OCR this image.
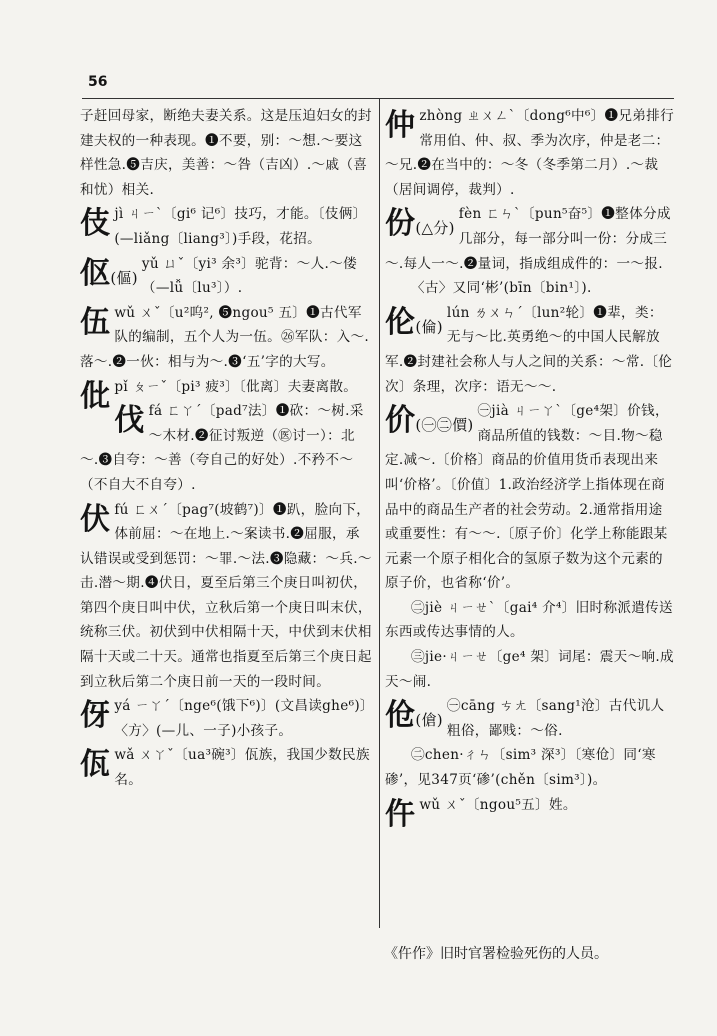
56
子赶回母家，断绝夫妻关系。这是压迫妇女的封建夫权的一种表现。❶不要，别：～想.～要这样性急.❺吉庆，美善：～咎（吉凶）.～戚（喜和忧）相关.
伎jì ㄐㄧˋ〔gi⁶ 记⁶〕技巧，才能。〔伎俩〕(—liǎng〔liang³〕)手段，花招。
伛(傴)
yǔ ㄩˇ〔yi³ 余³〕驼背：～人.～偻（—lǚ〔lu³〕）.
伍wǔ ㄨˇ〔u²呜², ❺ngou⁵ 五〕❶古代军队的编制，五个人为一伍。㉖军队：入～.落～.❷一伙：相与为～.❸‘五’字的大写。
仳pǐ ㄆㄧˇ〔pi³ 疲³〕〔仳离〕夫妻离散。
伐fá ㄈㄚˊ〔pad⁷法〕❶砍：～树.采～木材.❷征讨叛逆（㊩讨一）：北～.❸自夸：～善（夸自己的好处）.不矜不～（不自大不自夸）.
伏fú ㄈㄨˊ〔pag⁷(坡鹤⁷)〕❶趴，脸向下，体前屈：～在地上.～案读书.❷屈服，承认错误或受到惩罚：～罪.～法.❸隐藏：～兵.～击.潜～期.❹伏日，夏至后第三个庚日叫初伏，第四个庚日叫中伏，立秋后第一个庚日叫末伏，统称三伏。初伏到中伏相隔十天，中伏到末伏相隔十天或二十天。通常也指夏至后第三个庚日起到立秋后第二个庚日前一天的一段时间。
伢yá ㄧㄚˊ〔nge⁶(饿下⁶)〕(文昌读ghe⁶)〕〈方〉(—儿、一子)小孩子。
佤wǎ ㄨㄚˇ〔ua³碗³〕佤族，我国少数民族名。
仲zhòng ㄓㄨㄥˋ〔dong⁶中⁶〕❶兄弟排行常用伯、仲、叔、季为次序，仲是老二：～兄.❷在当中的：～冬（冬季第二月）.～裁（居间调停，裁判）.
份(△分)
fèn ㄈㄣˋ〔pun⁵奋⁵〕❶整体分成几部分，每一部分叫一份：分成三～.每人一～.❷量词，指成组成件的：一～报.
〈古〉又同‘彬’(bīn〔bin¹〕).
伦(倫)
lún ㄌㄨㄣˊ〔lun²轮〕❶辈，类：无与～比.英勇绝～的中国人民解放军.❷封建社会称人与人之间的关系：～常.〔伦次〕条理，次序：语无～～.
价(㊀㊁價)
㊀jià ㄐㄧㄚˋ〔ge⁴架〕价钱，商品所值的钱数：～目.物～稳定.减～.〔价格〕商品的价值用货币表现出来叫‘价格’。〔价值〕1.政治经济学上指体现在商品中的商品生产者的社会劳动。2.通常指用途或重要性：有～～.〔原子价〕化学上称能跟某元素一个原子相化合的氢原子数为这个元素的原子价，也省称‘价’。
㊁jiè ㄐㄧㄝˋ〔gai⁴ 介⁴〕旧时称派遣传送东西或传达事情的人。
㊂jie·ㄐㄧㄝ〔ge⁴ 架〕词尾：震天～响.成天～闹.
伧(傖)
㊀cāng ㄘㄤ〔sang¹沧〕古代讥人粗俗，鄙贱：～俗.
㊁chen·ㄔㄣ〔sim³ 深³〕〔寒伧〕同‘寒碜’，见347页‘碜’(chěn〔sim³〕)。
仵wǔ ㄨˇ〔ngou⁵五〕姓。
《仵作》旧时官署检验死伤的人员。
